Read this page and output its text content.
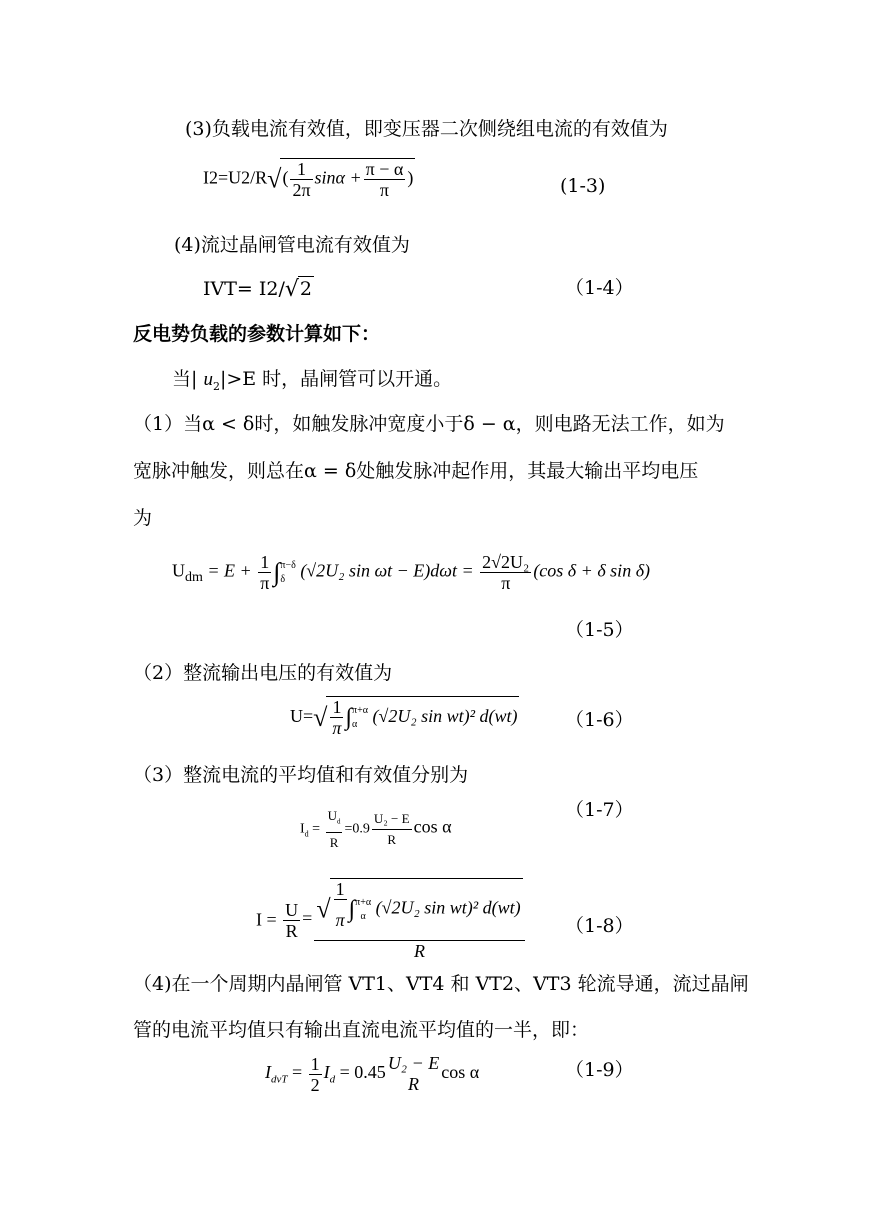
(3)负载电流有效值，即变压器二次侧绕组电流的有效值为
$I2=U2/R√( \frac{1}{2\pi}$ $\sin\alpha + \frac{\pi - \alpha}{\pi}$ )	(1-3)
(4)流过晶闸管电流有效值为
IVT= I2/√2	（1-4）
反电势负载的参数计算如下：
当| $u_2|>E$ 时，晶闸管可以开通。
（1）当α < δ时，如触发脉冲宽度小于δ − α，则电路无法工作，如为
宽脉冲触发，则总在α = δ处触发脉冲起作用，其最大输出平均电压
为
$U_{dm} = E + \frac{1}{\pi}$ ∫ π−δ
δ (√2U₂ $\sin \omega t - E)d\omega t = \frac{\text{2√2U₂}}{\pi} (\cos$ δ + δ sin δ)
（1-5）
（2）整流输出电压的有效值为
$U=√ \frac{1}{\pi}\int$ π+α
α (√2U₂ sin wt)² d(wt)	（1-6）
（3）整流电流的平均值和有效值分别为
$I_d = \frac{U_d}{R} =0.9 \frac{\text{U₂ − E}}{R}$ cos α
（1-7）
$I = \frac{U}{R}$ = √ $\frac{1}{\pi}\int$ π+α
α (√2U₂ sin wt)² d(wt)
R （1-8）
（4)在一个周期内晶闸管 VT1、VT4 和 VT2、VT3 轮流导通，流过晶闸
管的电流平均值只有输出直流电流平均值的一半，即：
$I_{dvT} = \frac{1}{2} I_d = 0.45$ U₂ − E
R
cos α	（1-9）
